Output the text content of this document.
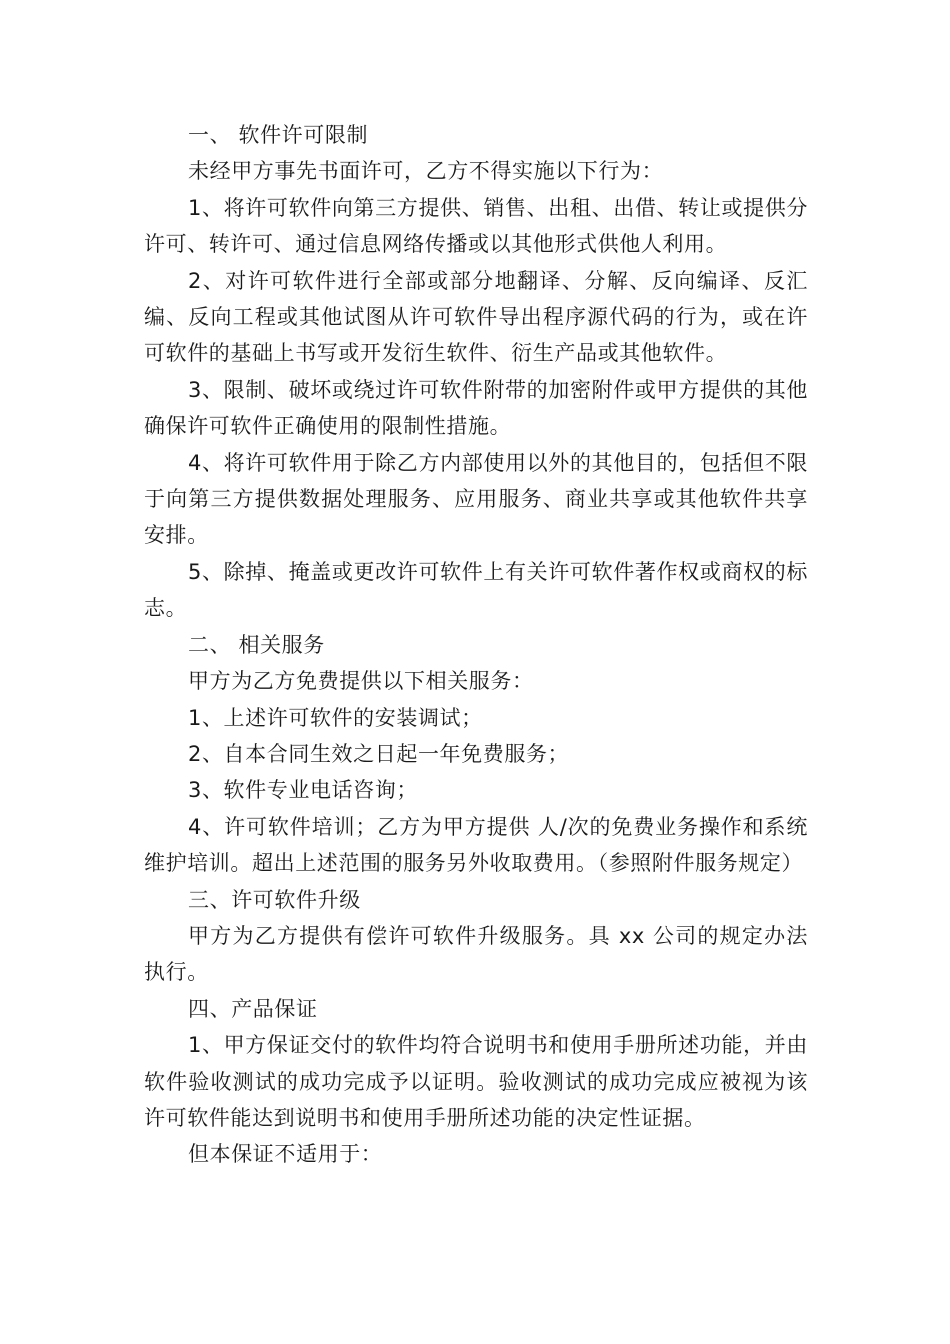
一、 软件许可限制

未经甲方事先书面许可，乙方不得实施以下行为：

1、将许可软件向第三方提供、销售、出租、出借、转让或提供分许可、转许可、通过信息网络传播或以其他形式供他人利用。

2、对许可软件进行全部或部分地翻译、分解、反向编译、反汇编、反向工程或其他试图从许可软件导出程序源代码的行为，或在许可软件的基础上书写或开发衍生软件、衍生产品或其他软件。

3、限制、破坏或绕过许可软件附带的加密附件或甲方提供的其他确保许可软件正确使用的限制性措施。

4、将许可软件用于除乙方内部使用以外的其他目的，包括但不限于向第三方提供数据处理服务、应用服务、商业共享或其他软件共享安排。

5、除掉、掩盖或更改许可软件上有关许可软件著作权或商权的标志。

二、 相关服务

甲方为乙方免费提供以下相关服务：

1、上述许可软件的安装调试；

2、自本合同生效之日起一年免费服务；

3、软件专业电话咨询；

4、许可软件培训；乙方为甲方提供 人/次的免费业务操作和系统维护培训。超出上述范围的服务另外收取费用。（参照附件服务规定）

三、许可软件升级

甲方为乙方提供有偿许可软件升级服务。具 xx 公司的规定办法执行。

四、产品保证

1、甲方保证交付的软件均符合说明书和使用手册所述功能，并由软件验收测试的成功完成予以证明。验收测试的成功完成应被视为该许可软件能达到说明书和使用手册所述功能的决定性证据。

但本保证不适用于：
